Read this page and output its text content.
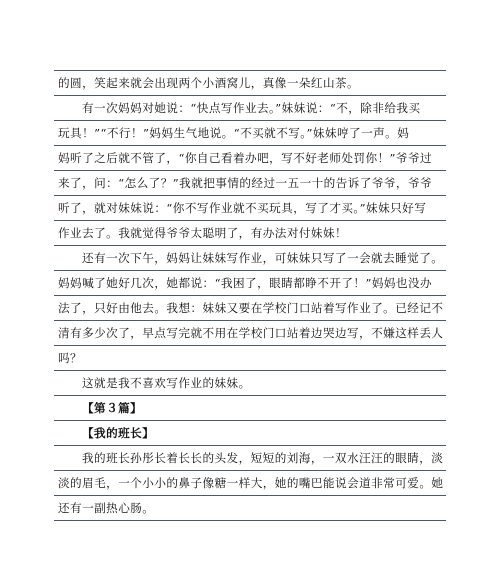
的圆，笑起来就会出现两个小酒窝儿，真像一朵红山茶。
有一次妈妈对她说：“快点写作业去。”妹妹说：“不，除非给我买
玩具！”“不行！”妈妈生气地说。“不买就不写。”妹妹哼了一声。妈
妈听了之后就不管了，“你自己看着办吧，写不好老师处罚你！”爷爷过
来了，问：“怎么了？”我就把事情的经过一五一十的告诉了爷爷，爷爷
听了，就对妹妹说：“你不写作业就不买玩具，写了才买。”妹妹只好写
作业去了。我就觉得爷爷太聪明了，有办法对付妹妹！
还有一次下午，妈妈让妹妹写作业，可妹妹只写了一会就去睡觉了。
妈妈喊了她好几次，她都说：“我困了，眼睛都睁不开了！”妈妈也没办
法了，只好由他去。我想：妹妹又要在学校门口站着写作业了。已经记不
清有多少次了，早点写完就不用在学校门口站着边哭边写，不嫌这样丢人
吗？
这就是我不喜欢写作业的妹妹。
【第３篇】
【我的班长】
我的班长孙彤长着长长的头发，短短的刘海，一双水汪汪的眼睛，淡
淡的眉毛，一个小小的鼻子像糖一样大，她的嘴巴能说会道非常可爱。她
还有一副热心肠。
